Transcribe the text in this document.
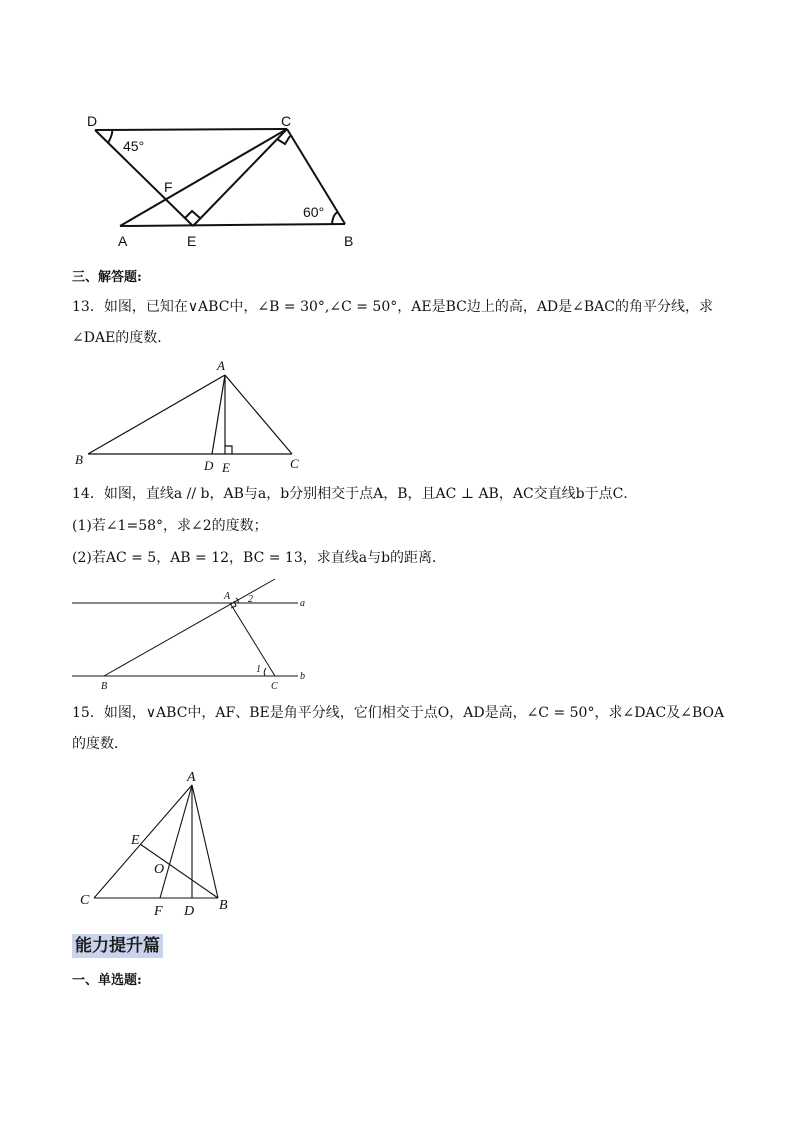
D	C
F
A	E	B
45°
60°
三、解答题:
13．如图，已知在∨ABC中，∠B = 30°,∠C = 50°，AE是BC边上的高，AD是∠BAC的角平分线，求
∠DAE的度数．
A
B	C
D E
14．如图，直线a // b，AB与a，b分别相交于点A，B，且AC ⊥ AB，AC交直线b于点C．
(1)若∠1=58°，求∠2的度数；
(2)若AC = 5，AB = 12，BC = 13，求直线a与b的距离．
A 2	a
1
b
B	C
15．如图，∨ABC中，AF、BE是角平分线，它们相交于点O，AD是高，∠C = 50°，求∠DAC及∠BOA
的度数．
A
E
O
C
F D B
能力提升篇
一、单选题:
